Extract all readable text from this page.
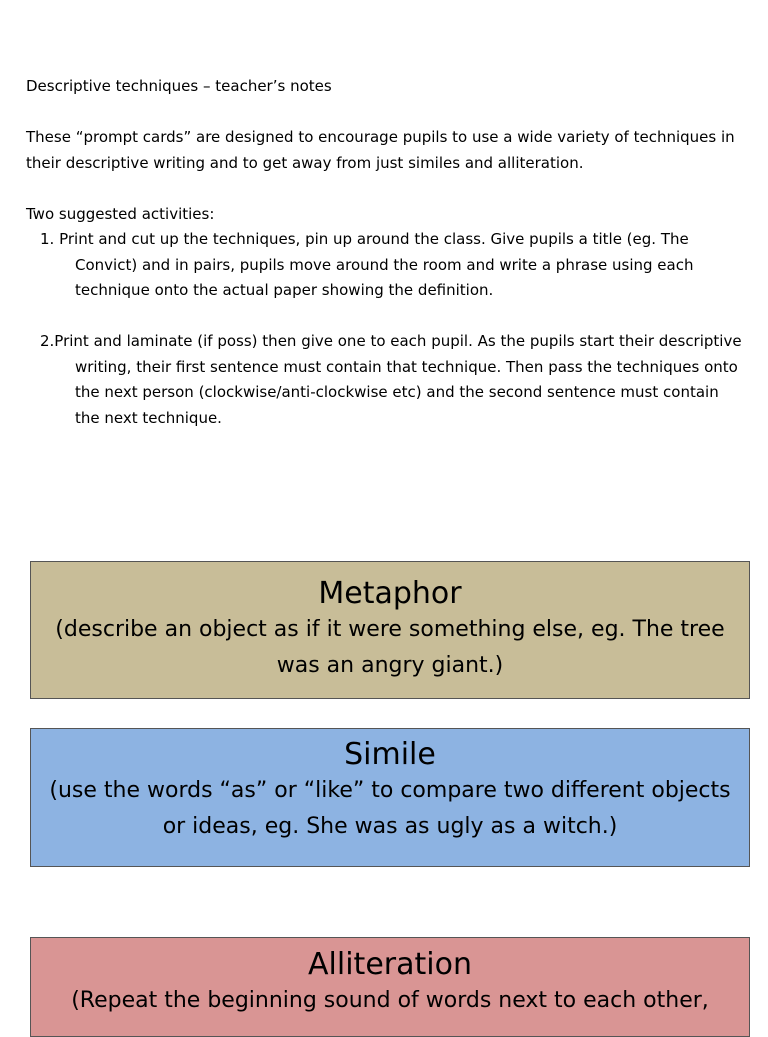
Descriptive techniques – teacher’s notes

These “prompt cards” are designed to encourage pupils to use a wide variety of techniques in their descriptive writing and to get away from just similes and alliteration.

Two suggested activities:

1. Print and cut up the techniques, pin up around the class. Give pupils a title (eg. The Convict) and in pairs, pupils move around the room and write a phrase using each technique onto the actual paper showing the definition.

2.Print and laminate (if poss) then give one to each pupil. As the pupils start their descriptive writing, their first sentence must contain that technique. Then pass the techniques onto the next person (clockwise/anti-clockwise etc) and the second sentence must contain the next technique.

Metaphor
(describe an object as if it were something else, eg. The tree was an angry giant.)
Simile
(use the words “as” or “like” to compare two different objects or ideas, eg. She was as ugly as a witch.)
Alliteration
(Repeat the beginning sound of words next to each other,
